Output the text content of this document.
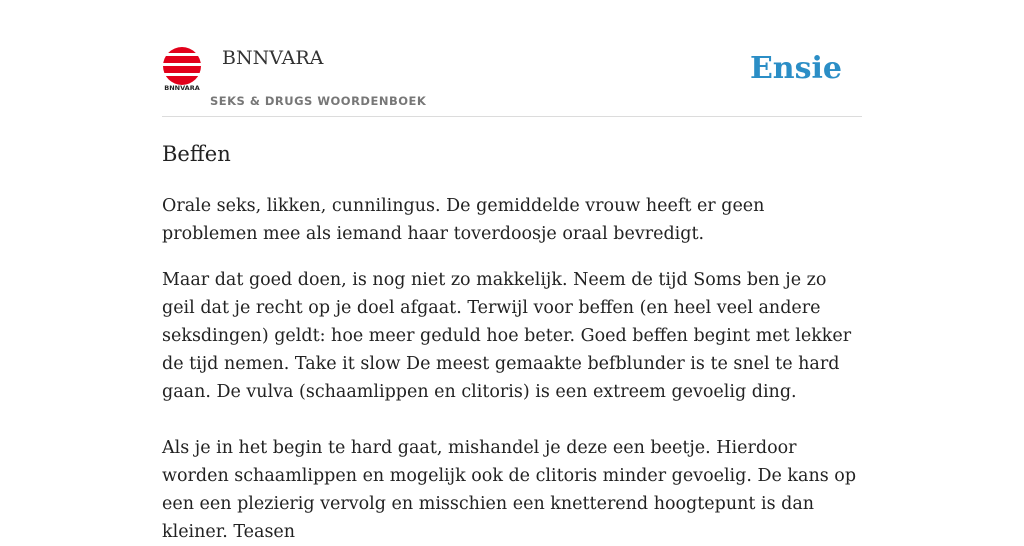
BNNVARA
BNNVARA
SEKS & DRUGS WOORDENBOEK
Ensie
Beffen

Orale seks, likken, cunnilingus. De gemiddelde vrouw heeft er geen problemen mee als iemand haar toverdoosje oraal bevredigt.

Maar dat goed doen, is nog niet zo makkelijk. Neem de tijd Soms ben je zo geil dat je recht op je doel afgaat. Terwijl voor beffen (en heel veel andere seksdingen) geldt: hoe meer geduld hoe beter. Goed beffen begint met lekker de tijd nemen. Take it slow De meest gemaakte befblunder is te snel te hard gaan. De vulva (schaamlippen en clitoris) is een extreem gevoelig ding.

Als je in het begin te hard gaat, mishandel je deze een beetje. Hierdoor worden schaamlippen en mogelijk ook de clitoris minder gevoelig. De kans op een een plezierig vervolg en misschien een knetterend hoogtepunt is dan kleiner. Teasen
